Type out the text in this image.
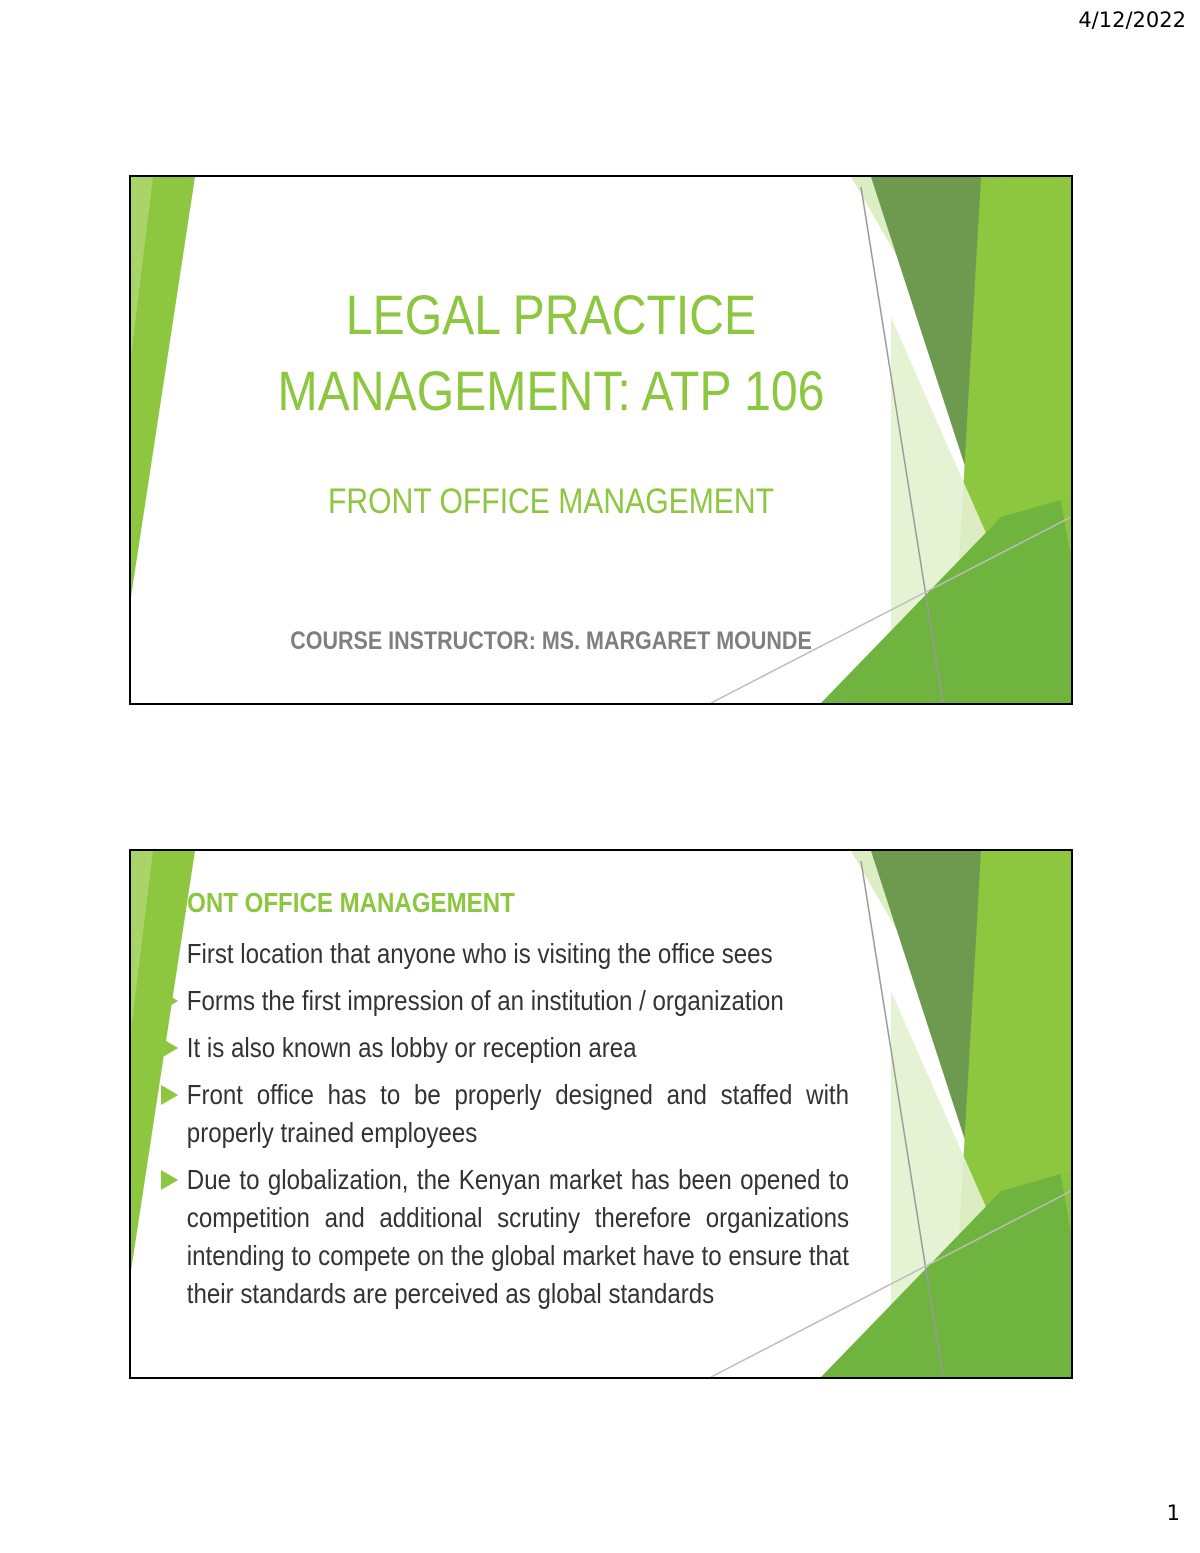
4/12/2022
LEGAL PRACTICE
MANAGEMENT: ATP 106
FRONT OFFICE MANAGEMENT
COURSE INSTRUCTOR: MS. MARGARET MOUNDE
FRONT OFFICE MANAGEMENT
First location that anyone who is visiting the office sees
Forms the first impression of an institution / organization
It is also known as lobby or reception area
Front office has to be properly designed and staffed with properly trained employees
Due to globalization, the Kenyan market has been opened to competition and additional scrutiny therefore organizations intending to compete on the global market have to ensure that their standards are perceived as global standards
1
